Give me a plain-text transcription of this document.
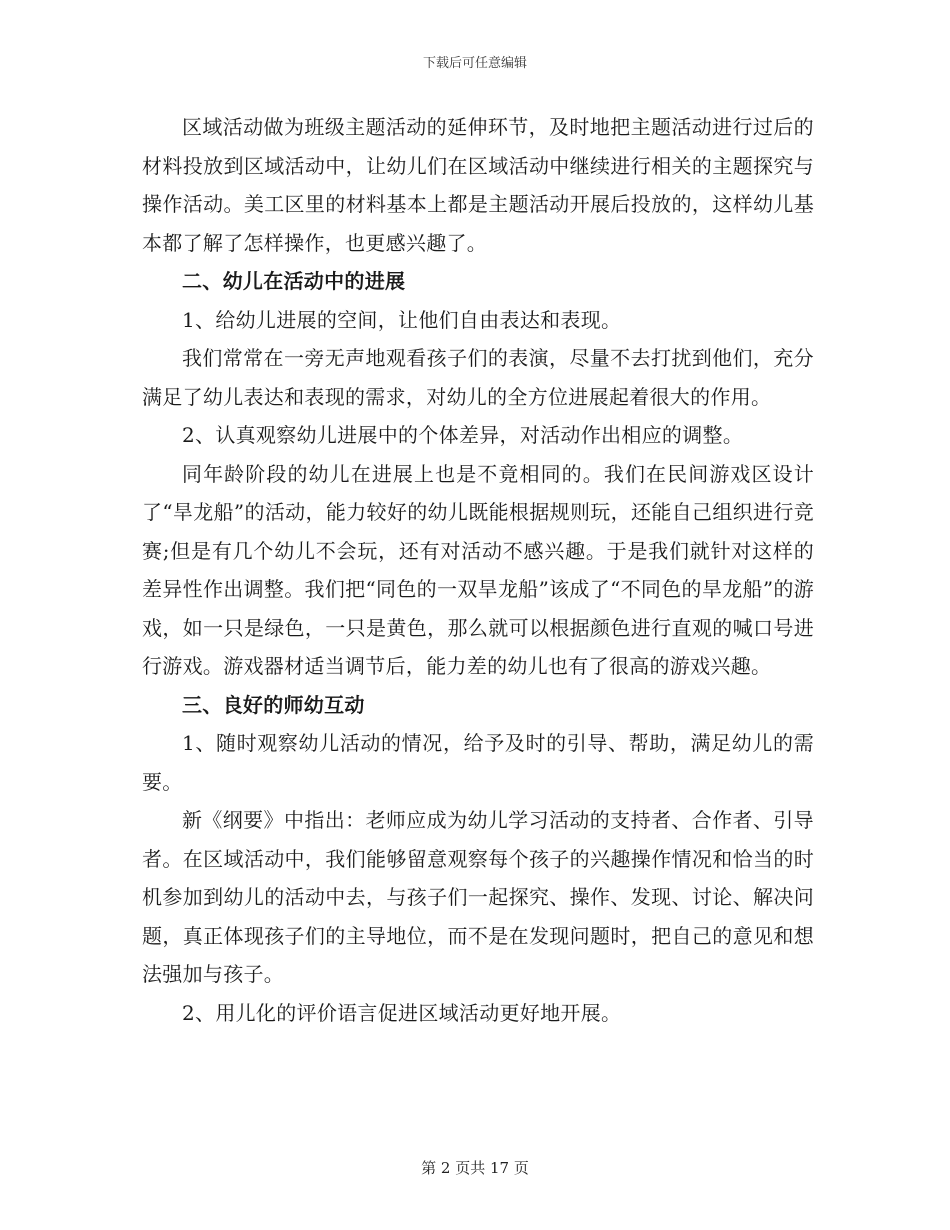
下载后可任意编辑

区域活动做为班级主题活动的延伸环节，及时地把主题活动进行过后的材料投放到区域活动中，让幼儿们在区域活动中继续进行相关的主题探究与操作活动。美工区里的材料基本上都是主题活动开展后投放的，这样幼儿基本都了解了怎样操作，也更感兴趣了。

二、幼儿在活动中的进展

1、给幼儿进展的空间，让他们自由表达和表现。

我们常常在一旁无声地观看孩子们的表演，尽量不去打扰到他们，充分满足了幼儿表达和表现的需求，对幼儿的全方位进展起着很大的作用。

2、认真观察幼儿进展中的个体差异，对活动作出相应的调整。

同年龄阶段的幼儿在进展上也是不竟相同的。我们在民间游戏区设计了“旱龙船”的活动，能力较好的幼儿既能根据规则玩，还能自己组织进行竞赛;但是有几个幼儿不会玩，还有对活动不感兴趣。于是我们就针对这样的差异性作出调整。我们把“同色的一双旱龙船”该成了“不同色的旱龙船”的游戏，如一只是绿色，一只是黄色，那么就可以根据颜色进行直观的喊口号进行游戏。游戏器材适当调节后，能力差的幼儿也有了很高的游戏兴趣。

三、良好的师幼互动

1、随时观察幼儿活动的情况，给予及时的引导、帮助，满足幼儿的需要。

新《纲要》中指出：老师应成为幼儿学习活动的支持者、合作者、引导者。在区域活动中，我们能够留意观察每个孩子的兴趣操作情况和恰当的时机参加到幼儿的活动中去，与孩子们一起探究、操作、发现、讨论、解决问题，真正体现孩子们的主导地位，而不是在发现问题时，把自己的意见和想法强加与孩子。

2、用儿化的评价语言促进区域活动更好地开展。

第 2 页共 17 页
